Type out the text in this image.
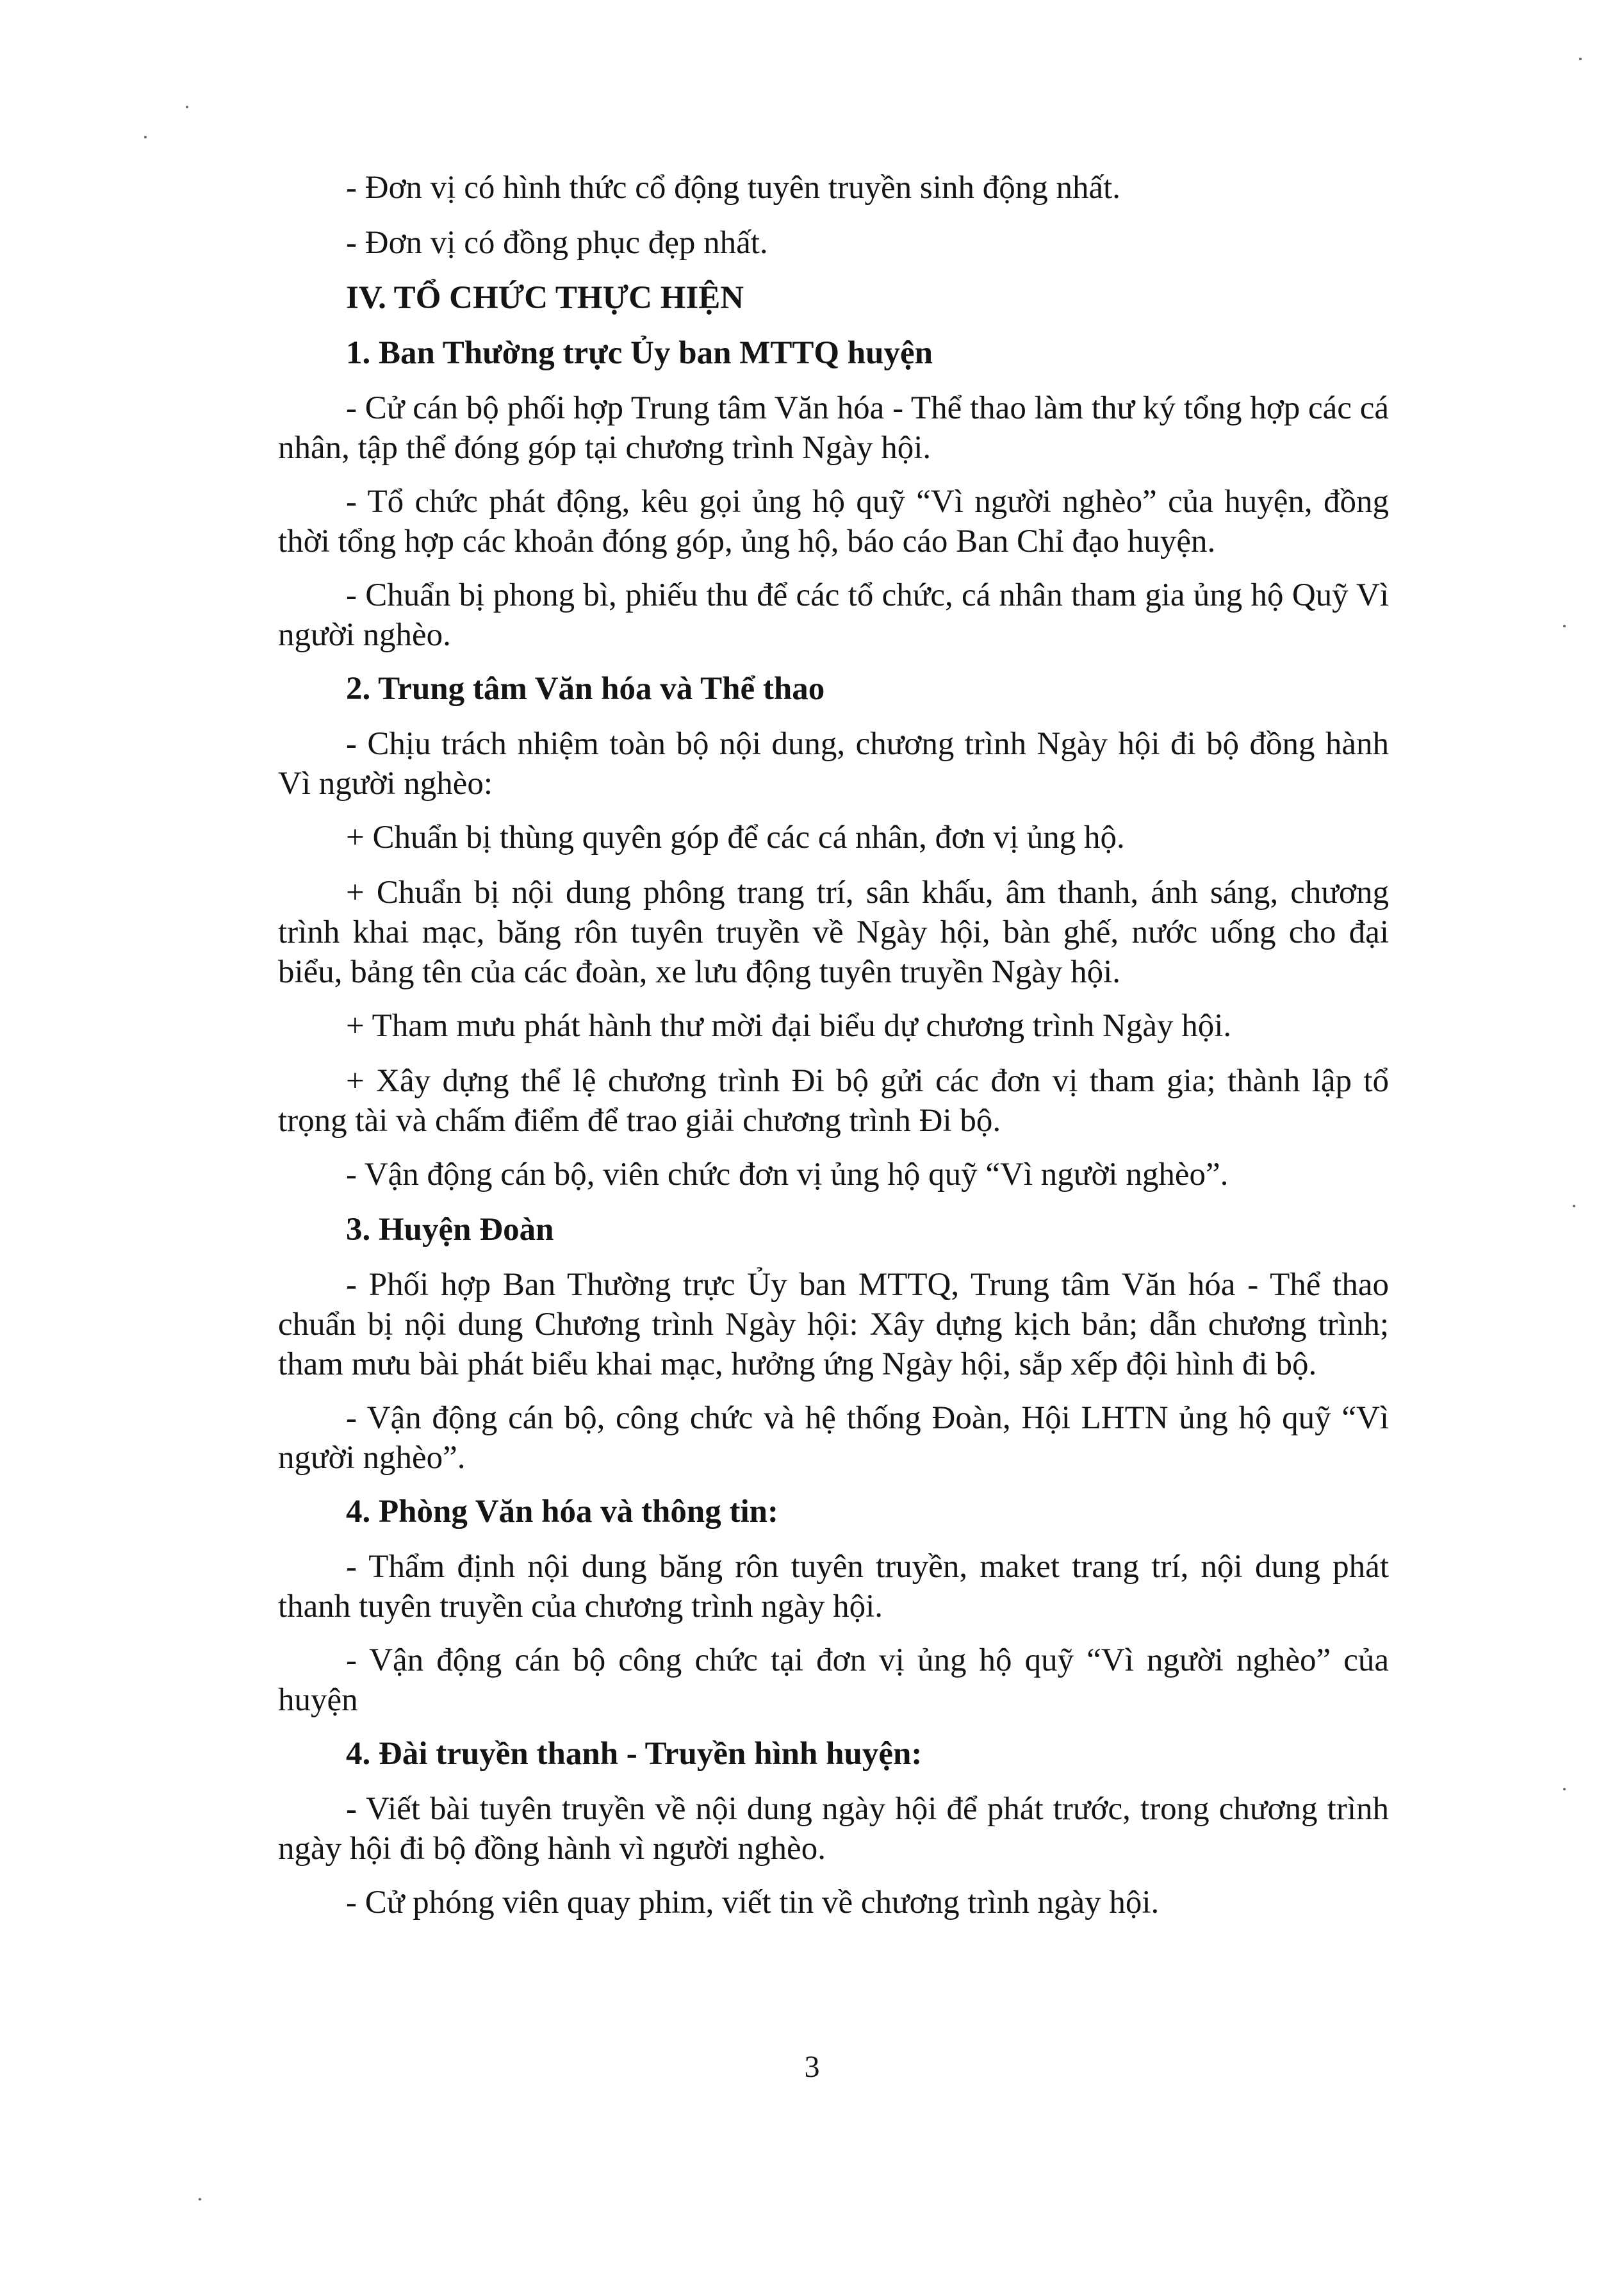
- Đơn vị có hình thức cổ động tuyên truyền sinh động nhất.

- Đơn vị có đồng phục đẹp nhất.

IV. TỔ CHỨC THỰC HIỆN

1. Ban Thường trực Ủy ban MTTQ huyện

- Cử cán bộ phối hợp Trung tâm Văn hóa - Thể thao làm thư ký tổng hợp các cá nhân, tập thể đóng góp tại chương trình Ngày hội.

- Tổ chức phát động, kêu gọi ủng hộ quỹ “Vì người nghèo” của huyện, đồng thời tổng hợp các khoản đóng góp, ủng hộ, báo cáo Ban Chỉ đạo huyện.

- Chuẩn bị phong bì, phiếu thu để các tổ chức, cá nhân tham gia ủng hộ Quỹ Vì người nghèo.

2. Trung tâm Văn hóa và Thể thao

- Chịu trách nhiệm toàn bộ nội dung, chương trình Ngày hội đi bộ đồng hành Vì người nghèo:

+ Chuẩn bị thùng quyên góp để các cá nhân, đơn vị ủng hộ.

+ Chuẩn bị nội dung phông trang trí, sân khấu, âm thanh, ánh sáng, chương trình khai mạc, băng rôn tuyên truyền về Ngày hội, bàn ghế, nước uống cho đại biểu, bảng tên của các đoàn, xe lưu động tuyên truyền Ngày hội.

+ Tham mưu phát hành thư mời đại biểu dự chương trình Ngày hội.

+ Xây dựng thể lệ chương trình Đi bộ gửi các đơn vị tham gia; thành lập tổ trọng tài và chấm điểm để trao giải chương trình Đi bộ.

- Vận động cán bộ, viên chức đơn vị ủng hộ quỹ “Vì người nghèo”.

3. Huyện Đoàn

- Phối hợp Ban Thường trực Ủy ban MTTQ, Trung tâm Văn hóa - Thể thao chuẩn bị nội dung Chương trình Ngày hội: Xây dựng kịch bản; dẫn chương trình; tham mưu bài phát biểu khai mạc, hưởng ứng Ngày hội, sắp xếp đội hình đi bộ.

- Vận động cán bộ, công chức và hệ thống Đoàn, Hội LHTN ủng hộ quỹ “Vì người nghèo”.

4. Phòng Văn hóa và thông tin:

- Thẩm định nội dung băng rôn tuyên truyền, maket trang trí, nội dung phát thanh tuyên truyền của chương trình ngày hội.

- Vận động cán bộ công chức tại đơn vị ủng hộ quỹ “Vì người nghèo” của huyện

4. Đài truyền thanh - Truyền hình huyện:

- Viết bài tuyên truyền về nội dung ngày hội để phát trước, trong chương trình ngày hội đi bộ đồng hành vì người nghèo.

- Cử phóng viên quay phim, viết tin về chương trình ngày hội.

3
